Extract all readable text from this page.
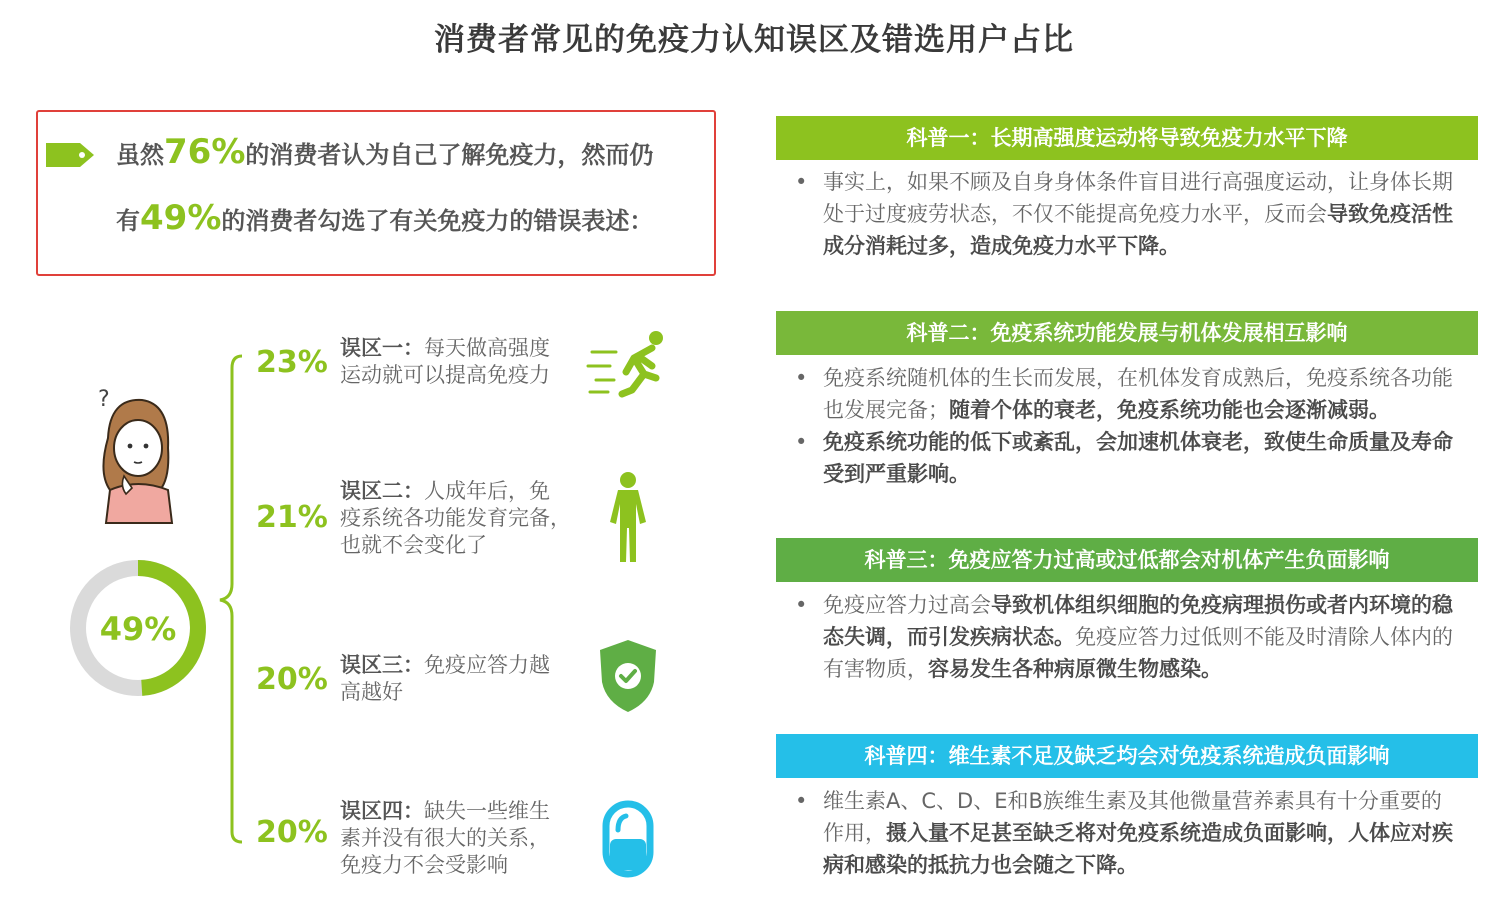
消费者常见的免疫力认知误区及错选用户占比
虽然76%的消费者认为自己了解免疫力，然而仍
有49%的消费者勾选了有关免疫力的错误表述：
?
49%
23% 误区一：每天做高强度
运动就可以提高免疫力
21%
误区二：人成年后，免
疫系统各功能发育完备，
也就不会变化了
20% 误区三：免疫应答力越
高越好
20%
误区四：缺失一些维生
素并没有很大的关系，
免疫力不会受影响
科普一：长期高强度运动将导致免疫力水平下降
• 事实上，如果不顾及自身身体条件盲目进行高强度运动，让身体长期处于过度疲劳状态，不仅不能提高免疫力水平，反而会导致免疫活性成分消耗过多，造成免疫力水平下降。
科普二：免疫系统功能发展与机体发展相互影响
• 免疫系统随机体的生长而发展，在机体发育成熟后，免疫系统各功能也发展完备；随着个体的衰老，免疫系统功能也会逐渐减弱。
• 免疫系统功能的低下或紊乱，会加速机体衰老，致使生命质量及寿命受到严重影响。
科普三：免疫应答力过高或过低都会对机体产生负面影响
• 免疫应答力过高会导致机体组织细胞的免疫病理损伤或者内环境的稳态失调，而引发疾病状态。免疫应答力过低则不能及时清除人体内的有害物质，容易发生各种病原微生物感染。
科普四：维生素不足及缺乏均会对免疫系统造成负面影响
• 维生素A、C、D、E和B族维生素及其他微量营养素具有十分重要的作用，摄入量不足甚至缺乏将对免疫系统造成负面影响，人体应对疾病和感染的抵抗力也会随之下降。
